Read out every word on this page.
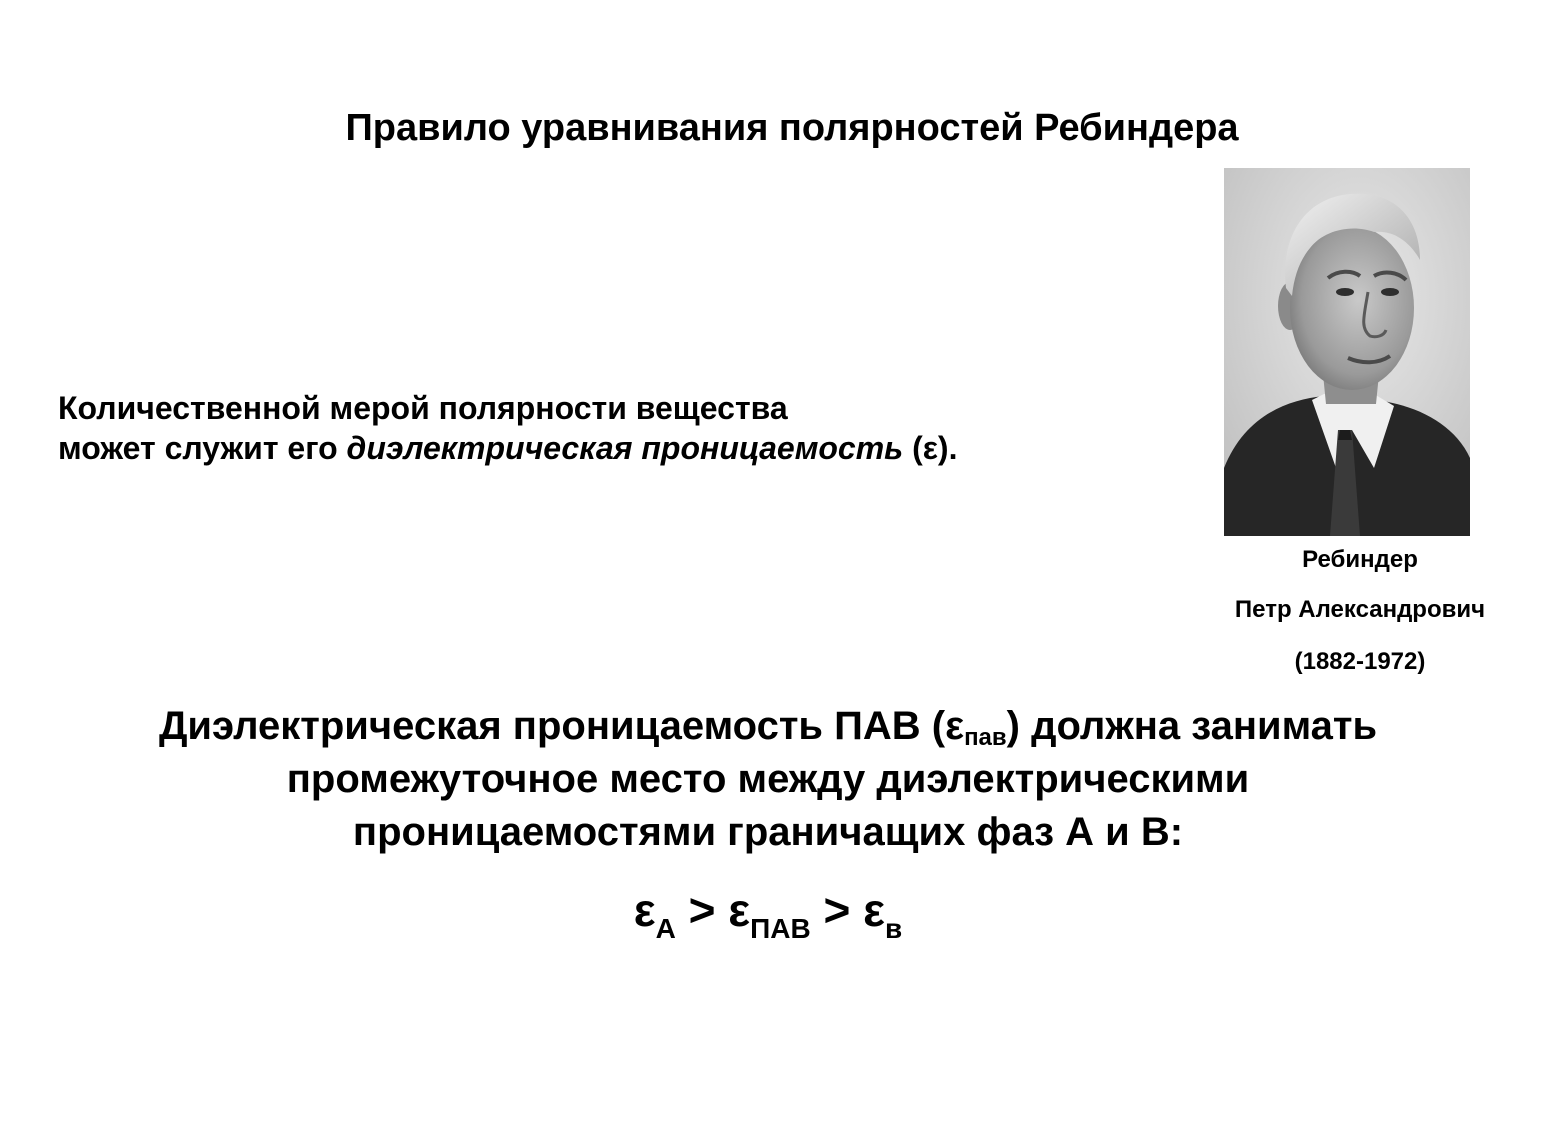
Правило уравнивания полярностей Ребиндера
Количественной мерой полярности вещества
может служит его диэлектрическая проницаемость (ε).
Ребиндер
Петр Александрович
(1882-1972)
Диэлектрическая проницаемость ПАВ $(\varepsilon_{пав})$ должна занимать
промежуточное место между диэлектрическими
проницаемостями граничащих фаз А и В:
$\varepsilon_А > \varepsilon_{ПАВ} > \varepsilon_в$
